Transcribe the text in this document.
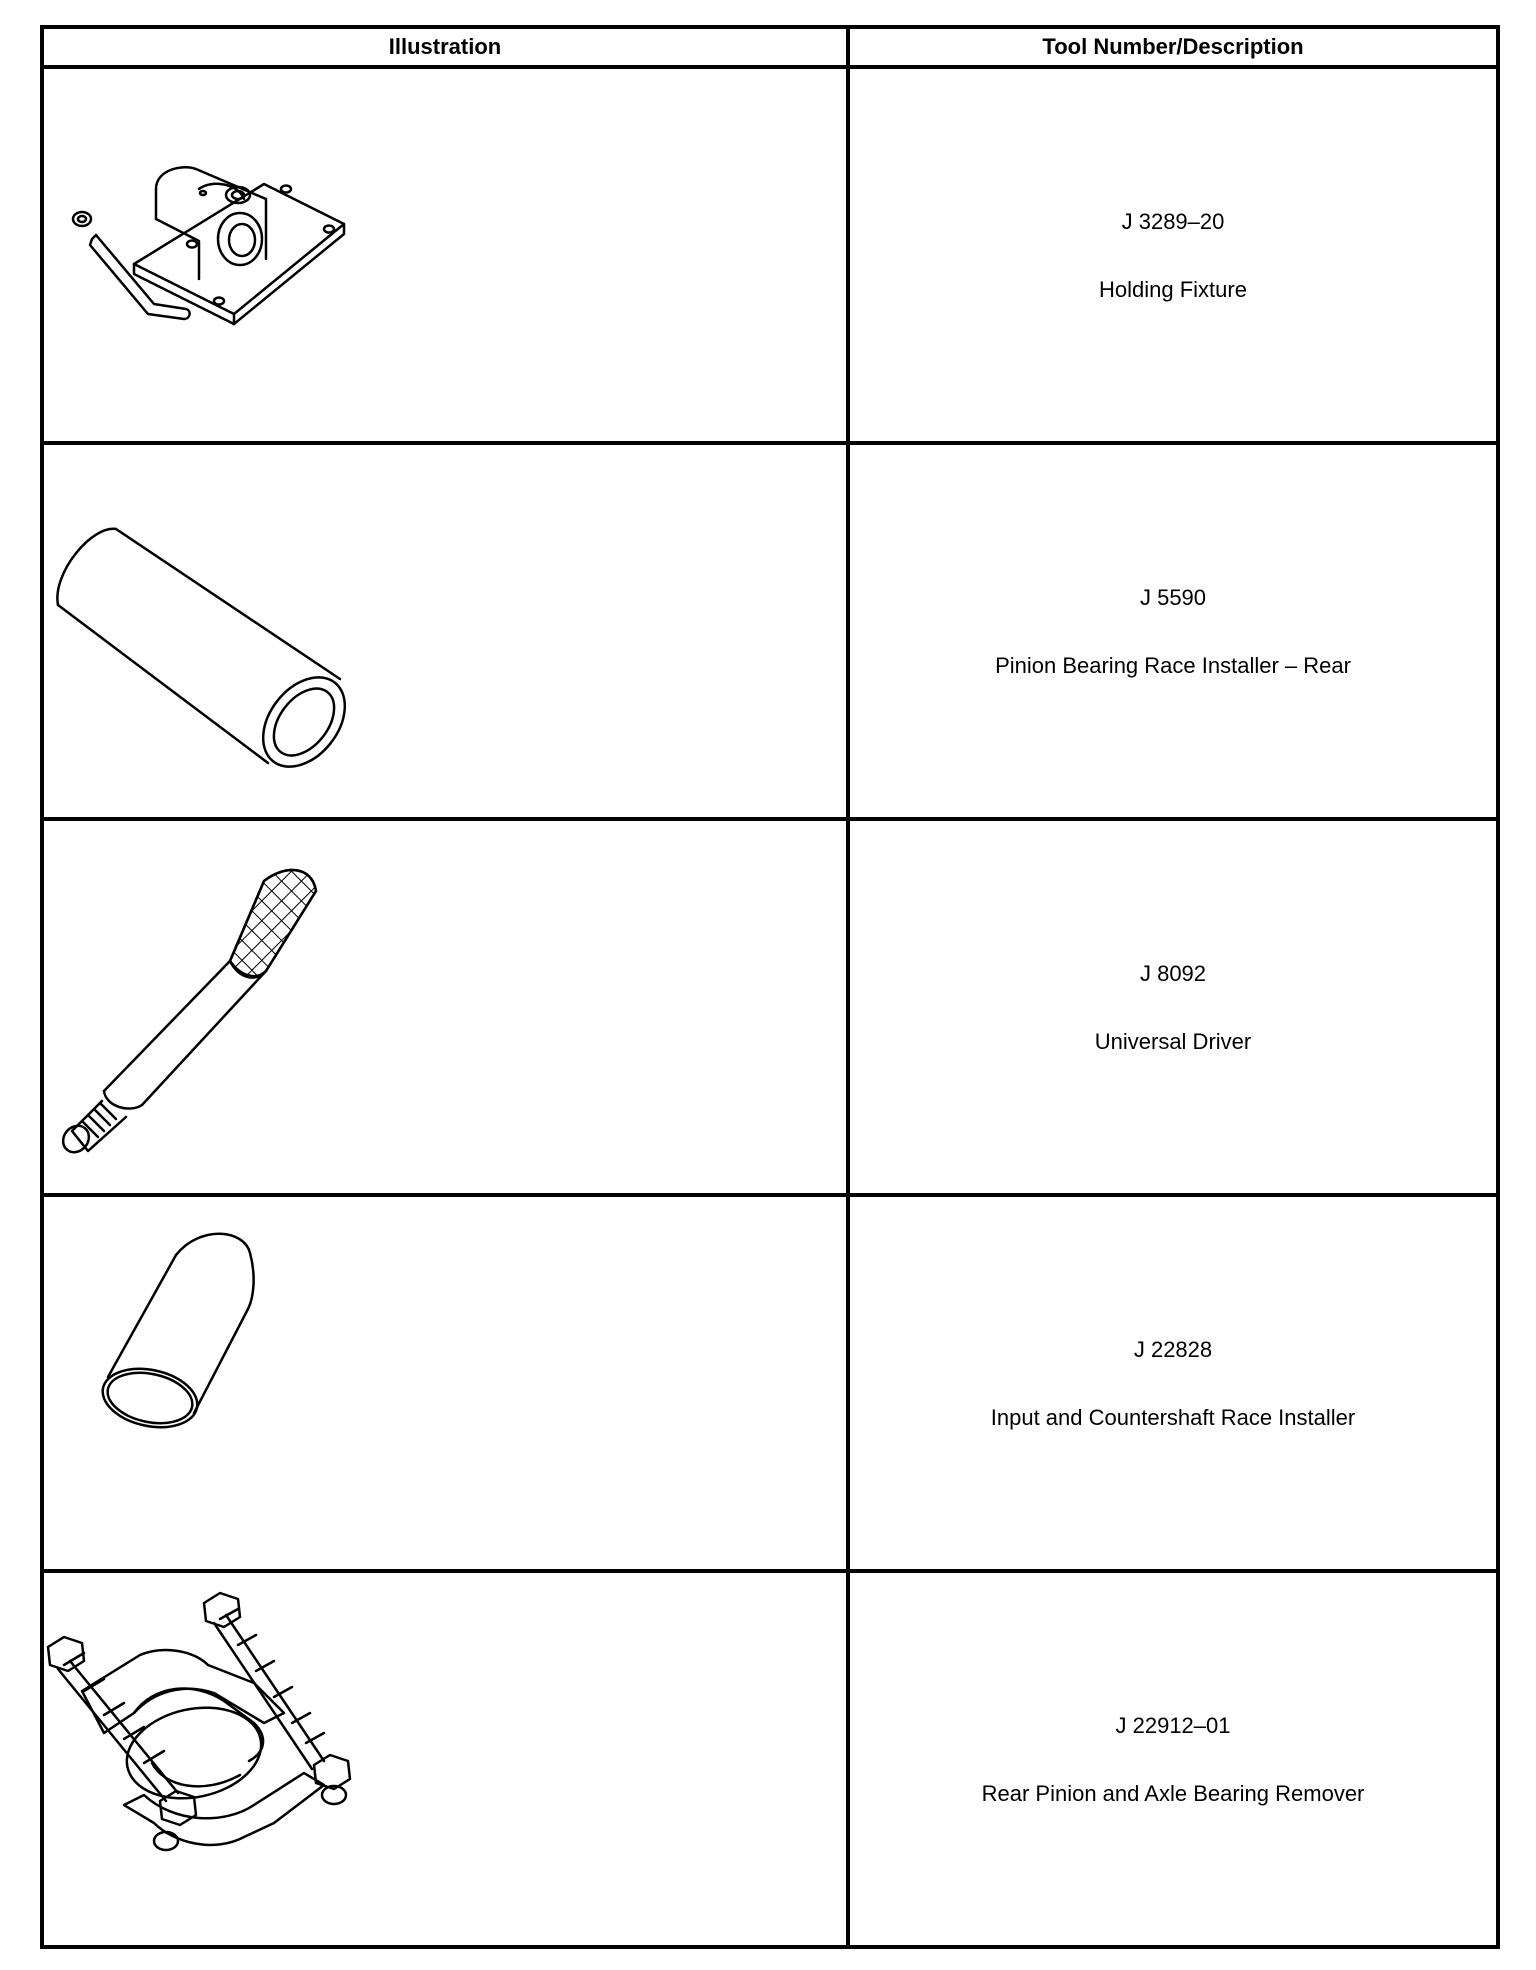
Illustration	Tool Number/Description
J 3289–20
Holding Fixture
J 5590
Pinion Bearing Race Installer – Rear
J 8092
Universal Driver
J 22828
Input and Countershaft Race Installer
J 22912–01
Rear Pinion and Axle Bearing Remover
